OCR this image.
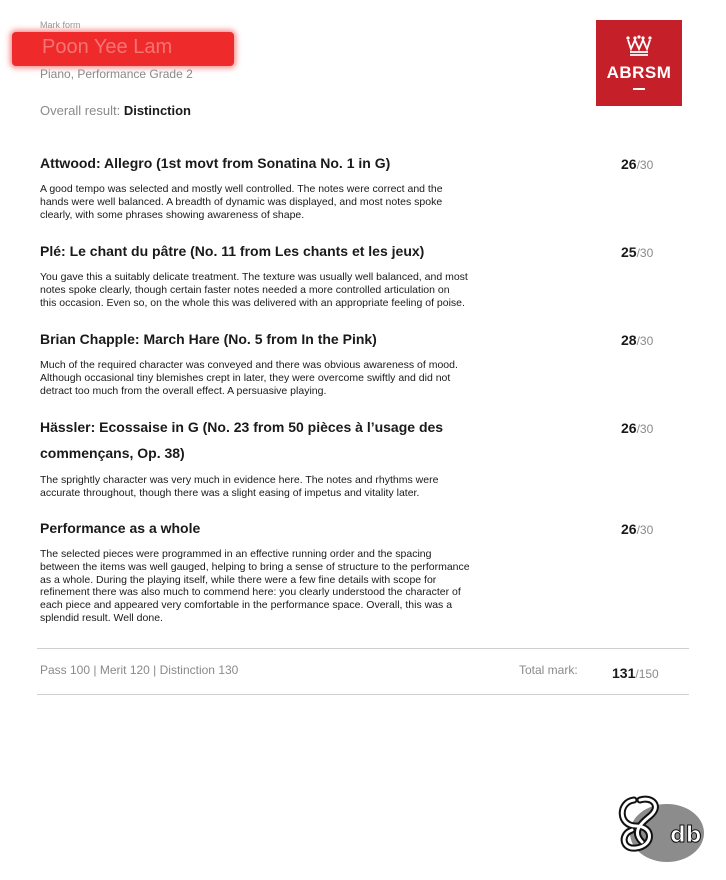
Mark form
Poon Yee Lam
Piano, Performance Grade 2
Overall result: Distinction
ABRSM
Attwood: Allegro (1st movt from Sonatina No. 1 in G)	26/30
A good tempo was selected and mostly well controlled. The notes were correct and the
hands were well balanced. A breadth of dynamic was displayed, and most notes spoke
clearly, with some phrases showing awareness of shape.
Plé: Le chant du pâtre (No. 11 from Les chants et les jeux)	25/30
You gave this a suitably delicate treatment. The texture was usually well balanced, and most
notes spoke clearly, though certain faster notes needed a more controlled articulation on
this occasion. Even so, on the whole this was delivered with an appropriate feeling of poise.
Brian Chapple: March Hare (No. 5 from In the Pink)	28/30
Much of the required character was conveyed and there was obvious awareness of mood.
Although occasional tiny blemishes crept in later, they were overcome swiftly and did not
detract too much from the overall effect. A persuasive playing.
Hässler: Ecossaise in G (No. 23 from 50 pièces à l’usage des
commençans, Op. 38)
26/30
The sprightly character was very much in evidence here. The notes and rhythms were
accurate throughout, though there was a slight easing of impetus and vitality later.
Performance as a whole	26/30
The selected pieces were programmed in an effective running order and the spacing
between the items was well gauged, helping to bring a sense of structure to the performance
as a whole. During the playing itself, while there were a few fine details with scope for
refinement there was also much to commend here: you clearly understood the character of
each piece and appeared very comfortable in the performance space. Overall, this was a
splendid result. Well done.
Pass 100 | Merit 120 | Distinction 130	Total mark: 131/150
db
